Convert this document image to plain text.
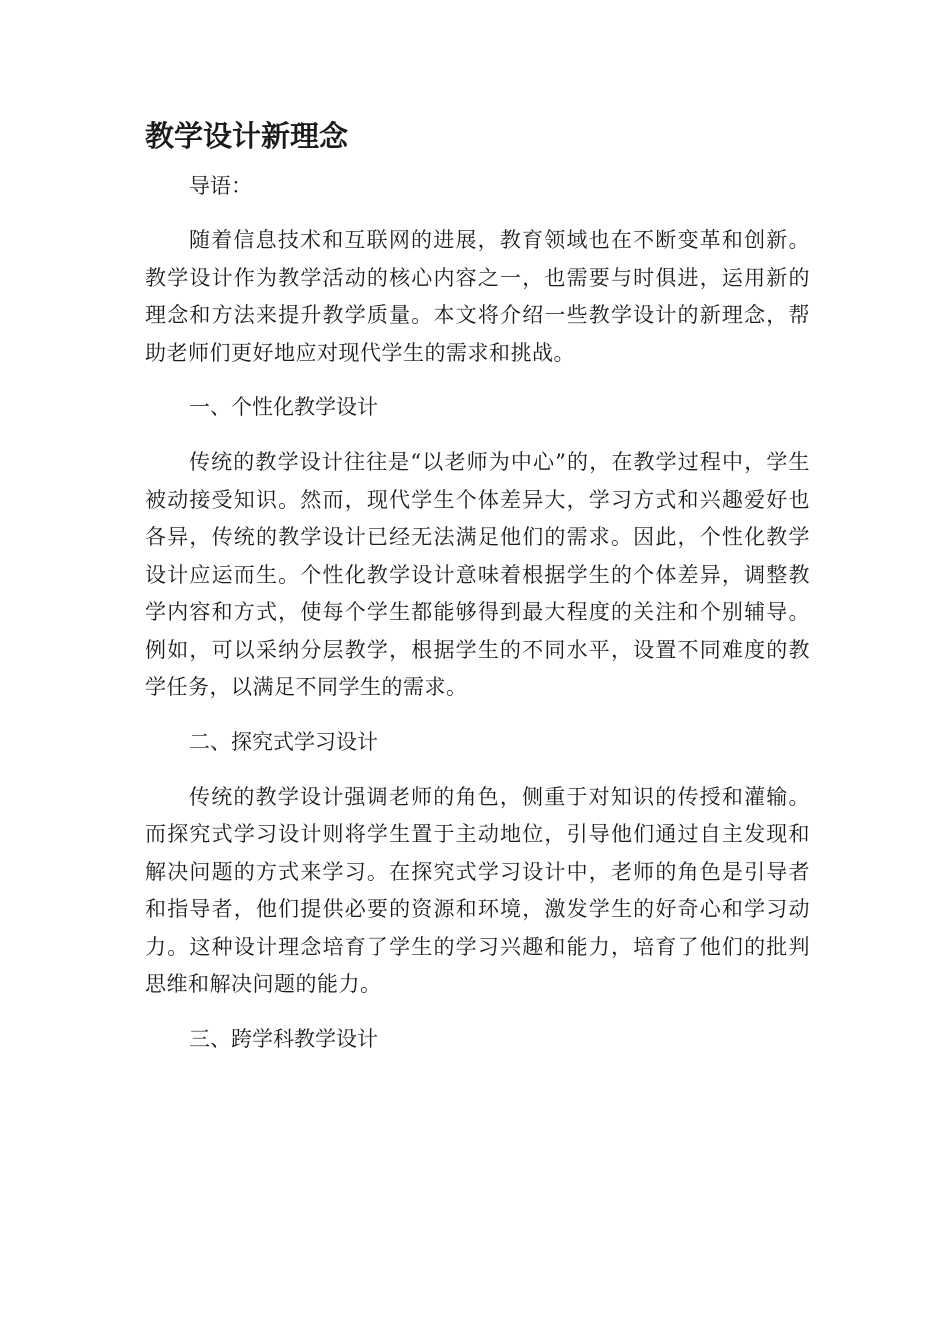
教学设计新理念

导语：

随着信息技术和互联网的进展，教育领域也在不断变革和创新。教学设计作为教学活动的核心内容之一，也需要与时俱进，运用新的理念和方法来提升教学质量。本文将介绍一些教学设计的新理念，帮助老师们更好地应对现代学生的需求和挑战。

一、个性化教学设计

传统的教学设计往往是“以老师为中心”的，在教学过程中，学生被动接受知识。然而，现代学生个体差异大，学习方式和兴趣爱好也各异，传统的教学设计已经无法满足他们的需求。因此，个性化教学设计应运而生。个性化教学设计意味着根据学生的个体差异，调整教学内容和方式，使每个学生都能够得到最大程度的关注和个别辅导。例如，可以采纳分层教学，根据学生的不同水平，设置不同难度的教学任务，以满足不同学生的需求。

二、探究式学习设计

传统的教学设计强调老师的角色，侧重于对知识的传授和灌输。而探究式学习设计则将学生置于主动地位，引导他们通过自主发现和解决问题的方式来学习。在探究式学习设计中，老师的角色是引导者和指导者，他们提供必要的资源和环境，激发学生的好奇心和学习动力。这种设计理念培育了学生的学习兴趣和能力，培育了他们的批判思维和解决问题的能力。

三、跨学科教学设计
